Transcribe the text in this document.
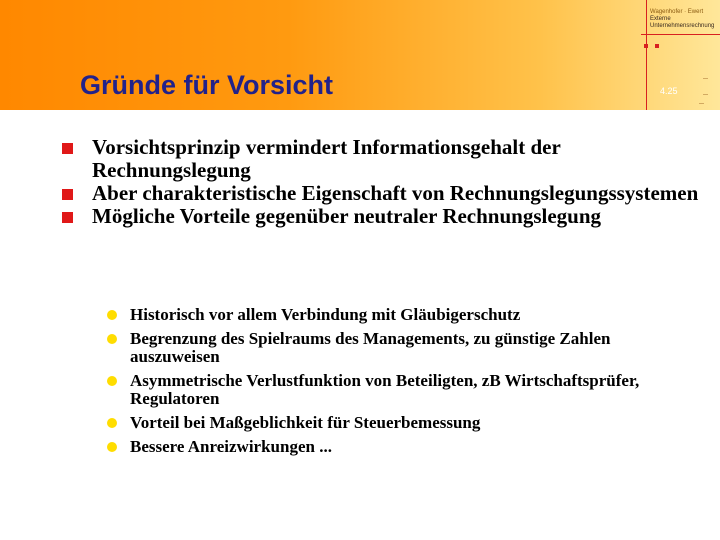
Gründe für Vorsicht
Wagenhofer · Ewert
Externe
Unternehmensrechnung
—
—
—
4.25
Vorsichtsprinzip vermindert Informationsgehalt der Rechnungslegung
Aber charakteristische Eigenschaft von Rechnungslegungssystemen
Mögliche Vorteile gegenüber neutraler Rechnungslegung
Historisch vor allem Verbindung mit Gläubigerschutz
Begrenzung des Spielraums des Managements, zu günstige Zahlen auszuweisen
Asymmetrische Verlustfunktion von Beteiligten, zB Wirtschaftsprüfer, Regulatoren
Vorteil bei Maßgeblichkeit für Steuerbemessung
Bessere Anreizwirkungen ...
